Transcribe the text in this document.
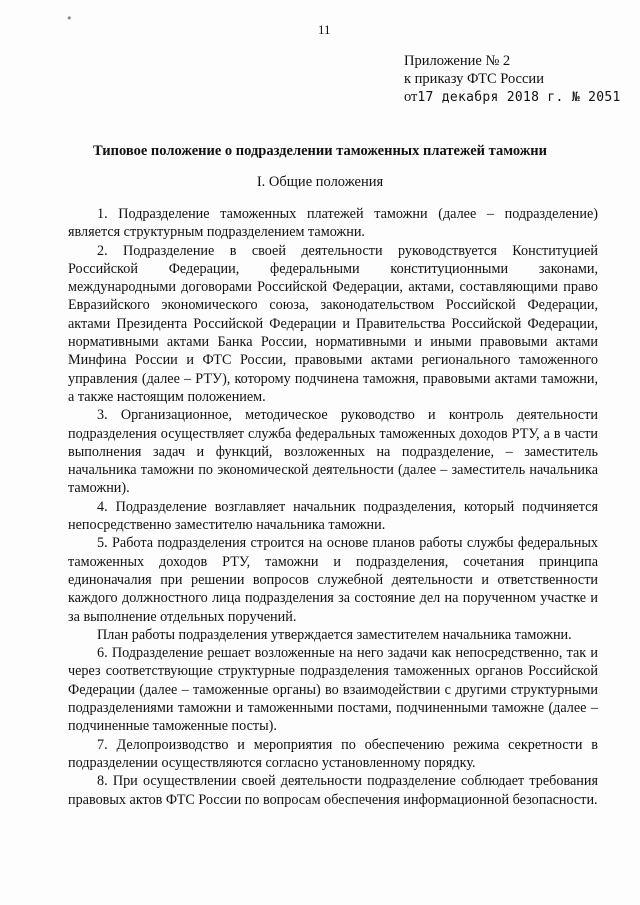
•
11
Приложение № 2
к приказу ФТС России
от17 декабря 2018 г. № 2051
Типовое положение о подразделении таможенных платежей таможни
I. Общие положения

1. Подразделение таможенных платежей таможни (далее – подразделение) является структурным подразделением таможни.

2. Подразделение в своей деятельности руководствуется Конституцией Российской Федерации, федеральными конституционными законами, международными договорами Российской Федерации, актами, составляющими право Евразийского экономического союза, законодательством Российской Федерации, актами Президента Российской Федерации и Правительства Российской Федерации, нормативными актами Банка России, нормативными и иными правовыми актами Минфина России и ФТС России, правовыми актами регионального таможенного управления (далее – РТУ), которому подчинена таможня, правовыми актами таможни, а также настоящим положением.

3. Организационное, методическое руководство и контроль деятельности подразделения осуществляет служба федеральных таможенных доходов РТУ, а в части выполнения задач и функций, возложенных на подразделение, – заместитель начальника таможни по экономической деятельности (далее – заместитель начальника таможни).

4. Подразделение возглавляет начальник подразделения, который подчиняется непосредственно заместителю начальника таможни.

5. Работа подразделения строится на основе планов работы службы федеральных таможенных доходов РТУ, таможни и подразделения, сочетания принципа единоначалия при решении вопросов служебной деятельности и ответственности каждого должностного лица подразделения за состояние дел на порученном участке и за выполнение отдельных поручений.

План работы подразделения утверждается заместителем начальника таможни.

6. Подразделение решает возложенные на него задачи как непосредственно, так и через соответствующие структурные подразделения таможенных органов Российской Федерации (далее – таможенные органы) во взаимодействии с другими структурными подразделениями таможни и таможенными постами, подчиненными таможне (далее – подчиненные таможенные посты).

7. Делопроизводство и мероприятия по обеспечению режима секретности в подразделении осуществляются согласно установленному порядку.

8. При осуществлении своей деятельности подразделение соблюдает требования правовых актов ФТС России по вопросам обеспечения информационной безопасности.
